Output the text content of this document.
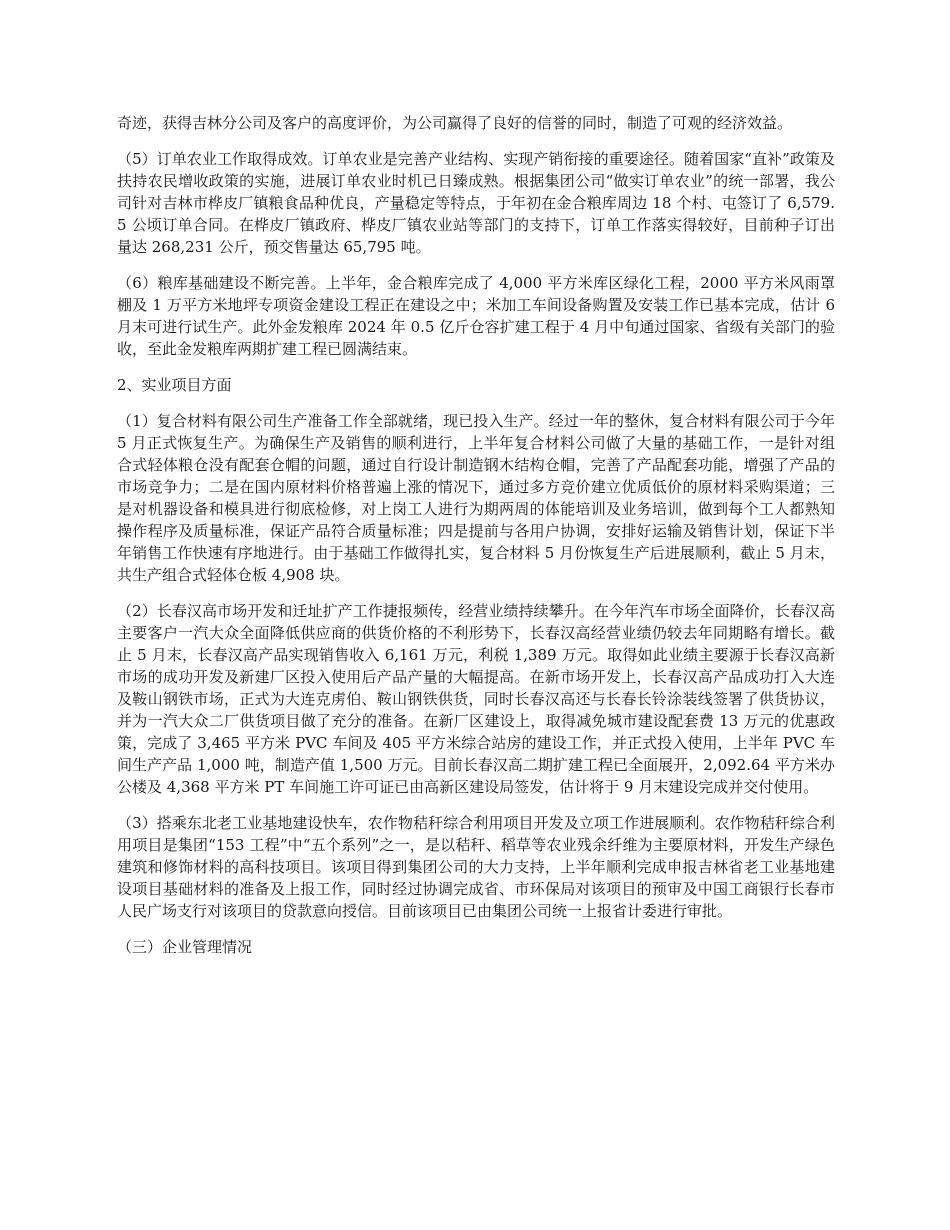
奇迹，获得吉林分公司及客户的高度评价，为公司赢得了良好的信誉的同时，制造了可观的经济效益。

（5）订单农业工作取得成效。订单农业是完善产业结构、实现产销衔接的重要途径。随着国家“直补”政策及扶持农民增收政策的实施，进展订单农业时机已日臻成熟。根据集团公司“做实订单农业”的统一部署，我公司针对吉林市桦皮厂镇粮食品种优良，产量稳定等特点，于年初在金合粮库周边 18 个村、屯签订了 6,579.5 公顷订单合同。在桦皮厂镇政府、桦皮厂镇农业站等部门的支持下，订单工作落实得较好，目前种子订出量达 268,231 公斤，预交售量达 65,795 吨。

（6）粮库基础建设不断完善。上半年，金合粮库完成了 4,000 平方米库区绿化工程，2000 平方米风雨罩棚及 1 万平方米地坪专项资金建设工程正在建设之中；米加工车间设备购置及安装工作已基本完成，估计 6 月末可进行试生产。此外金发粮库 2024 年 0.5 亿斤仓容扩建工程于 4 月中旬通过国家、省级有关部门的验收，至此金发粮库两期扩建工程已圆满结束。

2、实业项目方面

（1）复合材料有限公司生产准备工作全部就绪，现已投入生产。经过一年的整休，复合材料有限公司于今年 5 月正式恢复生产。为确保生产及销售的顺利进行，上半年复合材料公司做了大量的基础工作，一是针对组合式轻体粮仓没有配套仓帽的问题，通过自行设计制造钢木结构仓帽，完善了产品配套功能，增强了产品的市场竞争力；二是在国内原材料价格普遍上涨的情况下，通过多方竞价建立优质低价的原材料采购渠道；三是对机器设备和模具进行彻底检修，对上岗工人进行为期两周的体能培训及业务培训，做到每个工人都熟知操作程序及质量标准，保证产品符合质量标准；四是提前与各用户协调，安排好运输及销售计划，保证下半年销售工作快速有序地进行。由于基础工作做得扎实，复合材料 5 月份恢复生产后进展顺利，截止 5 月末，共生产组合式轻体仓板 4,908 块。

（2）长春汉高市场开发和迁址扩产工作捷报频传，经营业绩持续攀升。在今年汽车市场全面降价，长春汉高主要客户一汽大众全面降低供应商的供货价格的不利形势下，长春汉高经营业绩仍较去年同期略有增长。截止 5 月末，长春汉高产品实现销售收入 6,161 万元，利税 1,389 万元。取得如此业绩主要源于长春汉高新市场的成功开发及新建厂区投入使用后产品产量的大幅提高。在新市场开发上，长春汉高产品成功打入大连及鞍山钢铁市场，正式为大连克虏伯、鞍山钢铁供货，同时长春汉高还与长春长铃涂装线签署了供货协议，并为一汽大众二厂供货项目做了充分的准备。在新厂区建设上，取得减免城市建设配套费 13 万元的优惠政策，完成了 3,465 平方米 PVC 车间及 405 平方米综合站房的建设工作，并正式投入使用，上半年 PVC 车间生产产品 1,000 吨，制造产值 1,500 万元。目前长春汉高二期扩建工程已全面展开，2,092.64 平方米办公楼及 4,368 平方米 PT 车间施工许可证已由高新区建设局签发，估计将于 9 月末建设完成并交付使用。

（3）搭乘东北老工业基地建设快车，农作物秸秆综合利用项目开发及立项工作进展顺利。农作物秸秆综合利用项目是集团“153 工程”中“五个系列”之一，是以秸秆、稻草等农业残余纤维为主要原材料，开发生产绿色建筑和修饰材料的高科技项目。该项目得到集团公司的大力支持，上半年顺利完成申报吉林省老工业基地建设项目基础材料的准备及上报工作，同时经过协调完成省、市环保局对该项目的预审及中国工商银行长春市人民广场支行对该项目的贷款意向授信。目前该项目已由集团公司统一上报省计委进行审批。

（三）企业管理情况
